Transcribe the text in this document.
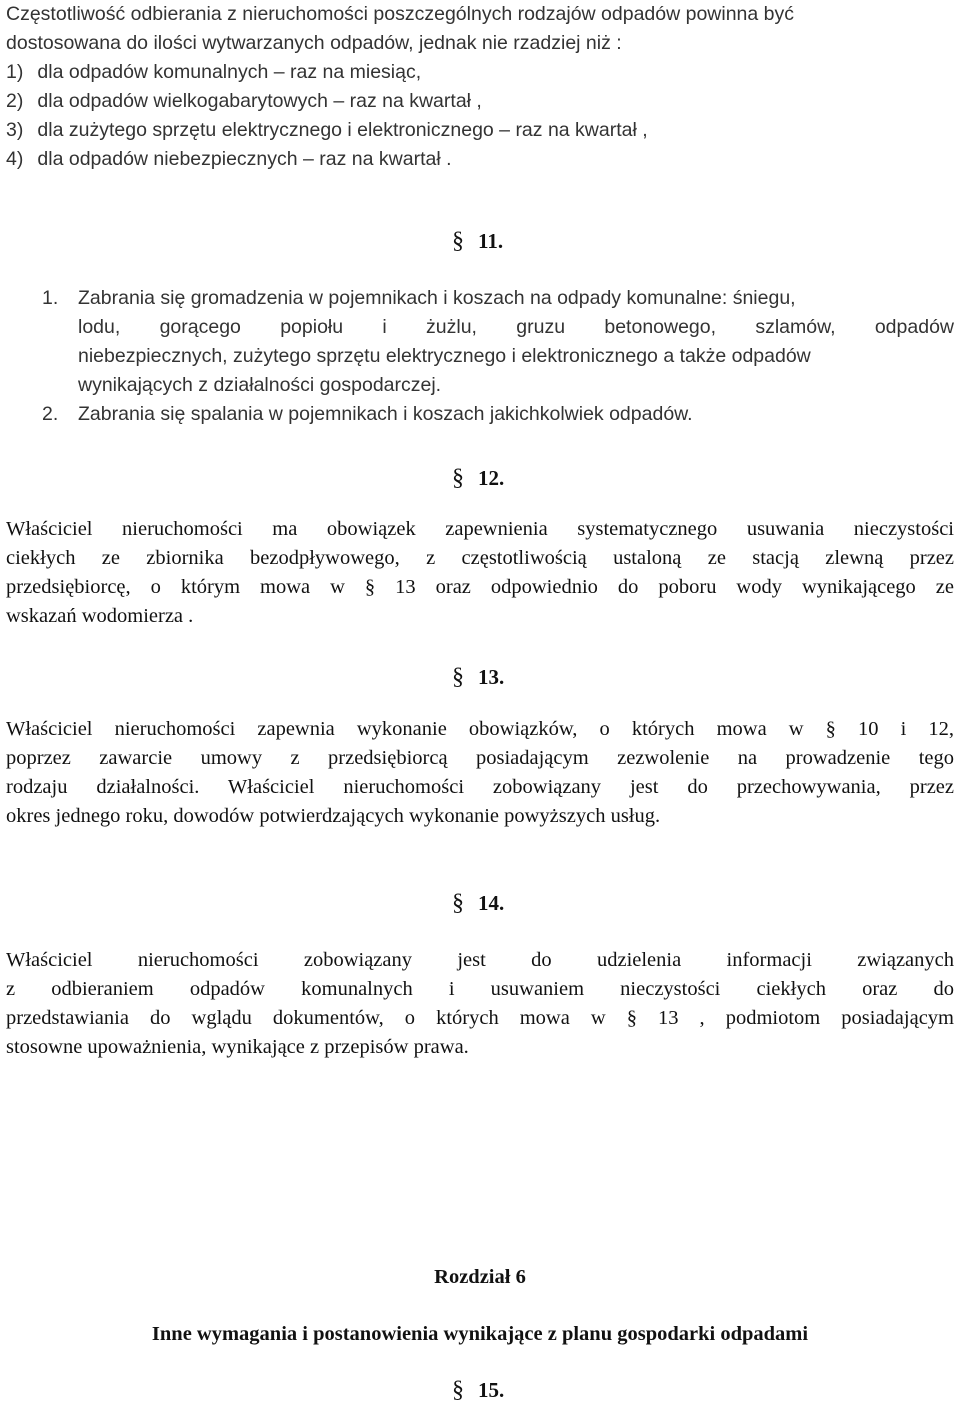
Częstotliwość odbierania z nieruchomości poszczególnych rodzajów odpadów powinna być
dostosowana do ilości wytwarzanych odpadów, jednak nie rzadziej niż :
1) dla odpadów komunalnych – raz na miesiąc,
2) dla odpadów wielkogabarytowych – raz na kwartał ,
3) dla zużytego sprzętu elektrycznego i elektronicznego – raz na kwartał ,
4) dla odpadów niebezpiecznych – raz na kwartał .
§ 11.
1. Zabrania się gromadzenia w pojemnikach i koszach na odpady komunalne: śniegu,
lodu, gorącego popiołu i żużlu, gruzu betonowego, szlamów, odpadów
niebezpiecznych, zużytego sprzętu elektrycznego i elektronicznego a także odpadów
wynikających z działalności gospodarczej.
2. Zabrania się spalania w pojemnikach i koszach jakichkolwiek odpadów.
§ 12.
Właściciel nieruchomości ma obowiązek zapewnienia systematycznego usuwania nieczystości
ciekłych ze zbiornika bezodpływowego, z częstotliwością ustaloną ze stacją zlewną przez
przedsiębiorcę, o którym mowa w § 13 oraz odpowiednio do poboru wody wynikającego ze
wskazań wodomierza .
§ 13.
Właściciel nieruchomości zapewnia wykonanie obowiązków, o których mowa w § 10 i 12,
poprzez zawarcie umowy z przedsiębiorcą posiadającym zezwolenie na prowadzenie tego
rodzaju działalności. Właściciel nieruchomości zobowiązany jest do przechowywania, przez
okres jednego roku, dowodów potwierdzających wykonanie powyższych usług.
§ 14.
Właściciel nieruchomości zobowiązany jest do udzielenia informacji związanych
z odbieraniem odpadów komunalnych i usuwaniem nieczystości ciekłych oraz do
przedstawiania do wglądu dokumentów, o których mowa w § 13 , podmiotom posiadającym
stosowne upoważnienia, wynikające z przepisów prawa.
Rozdział 6
Inne wymagania i postanowienia wynikające z planu gospodarki odpadami
§ 15.
